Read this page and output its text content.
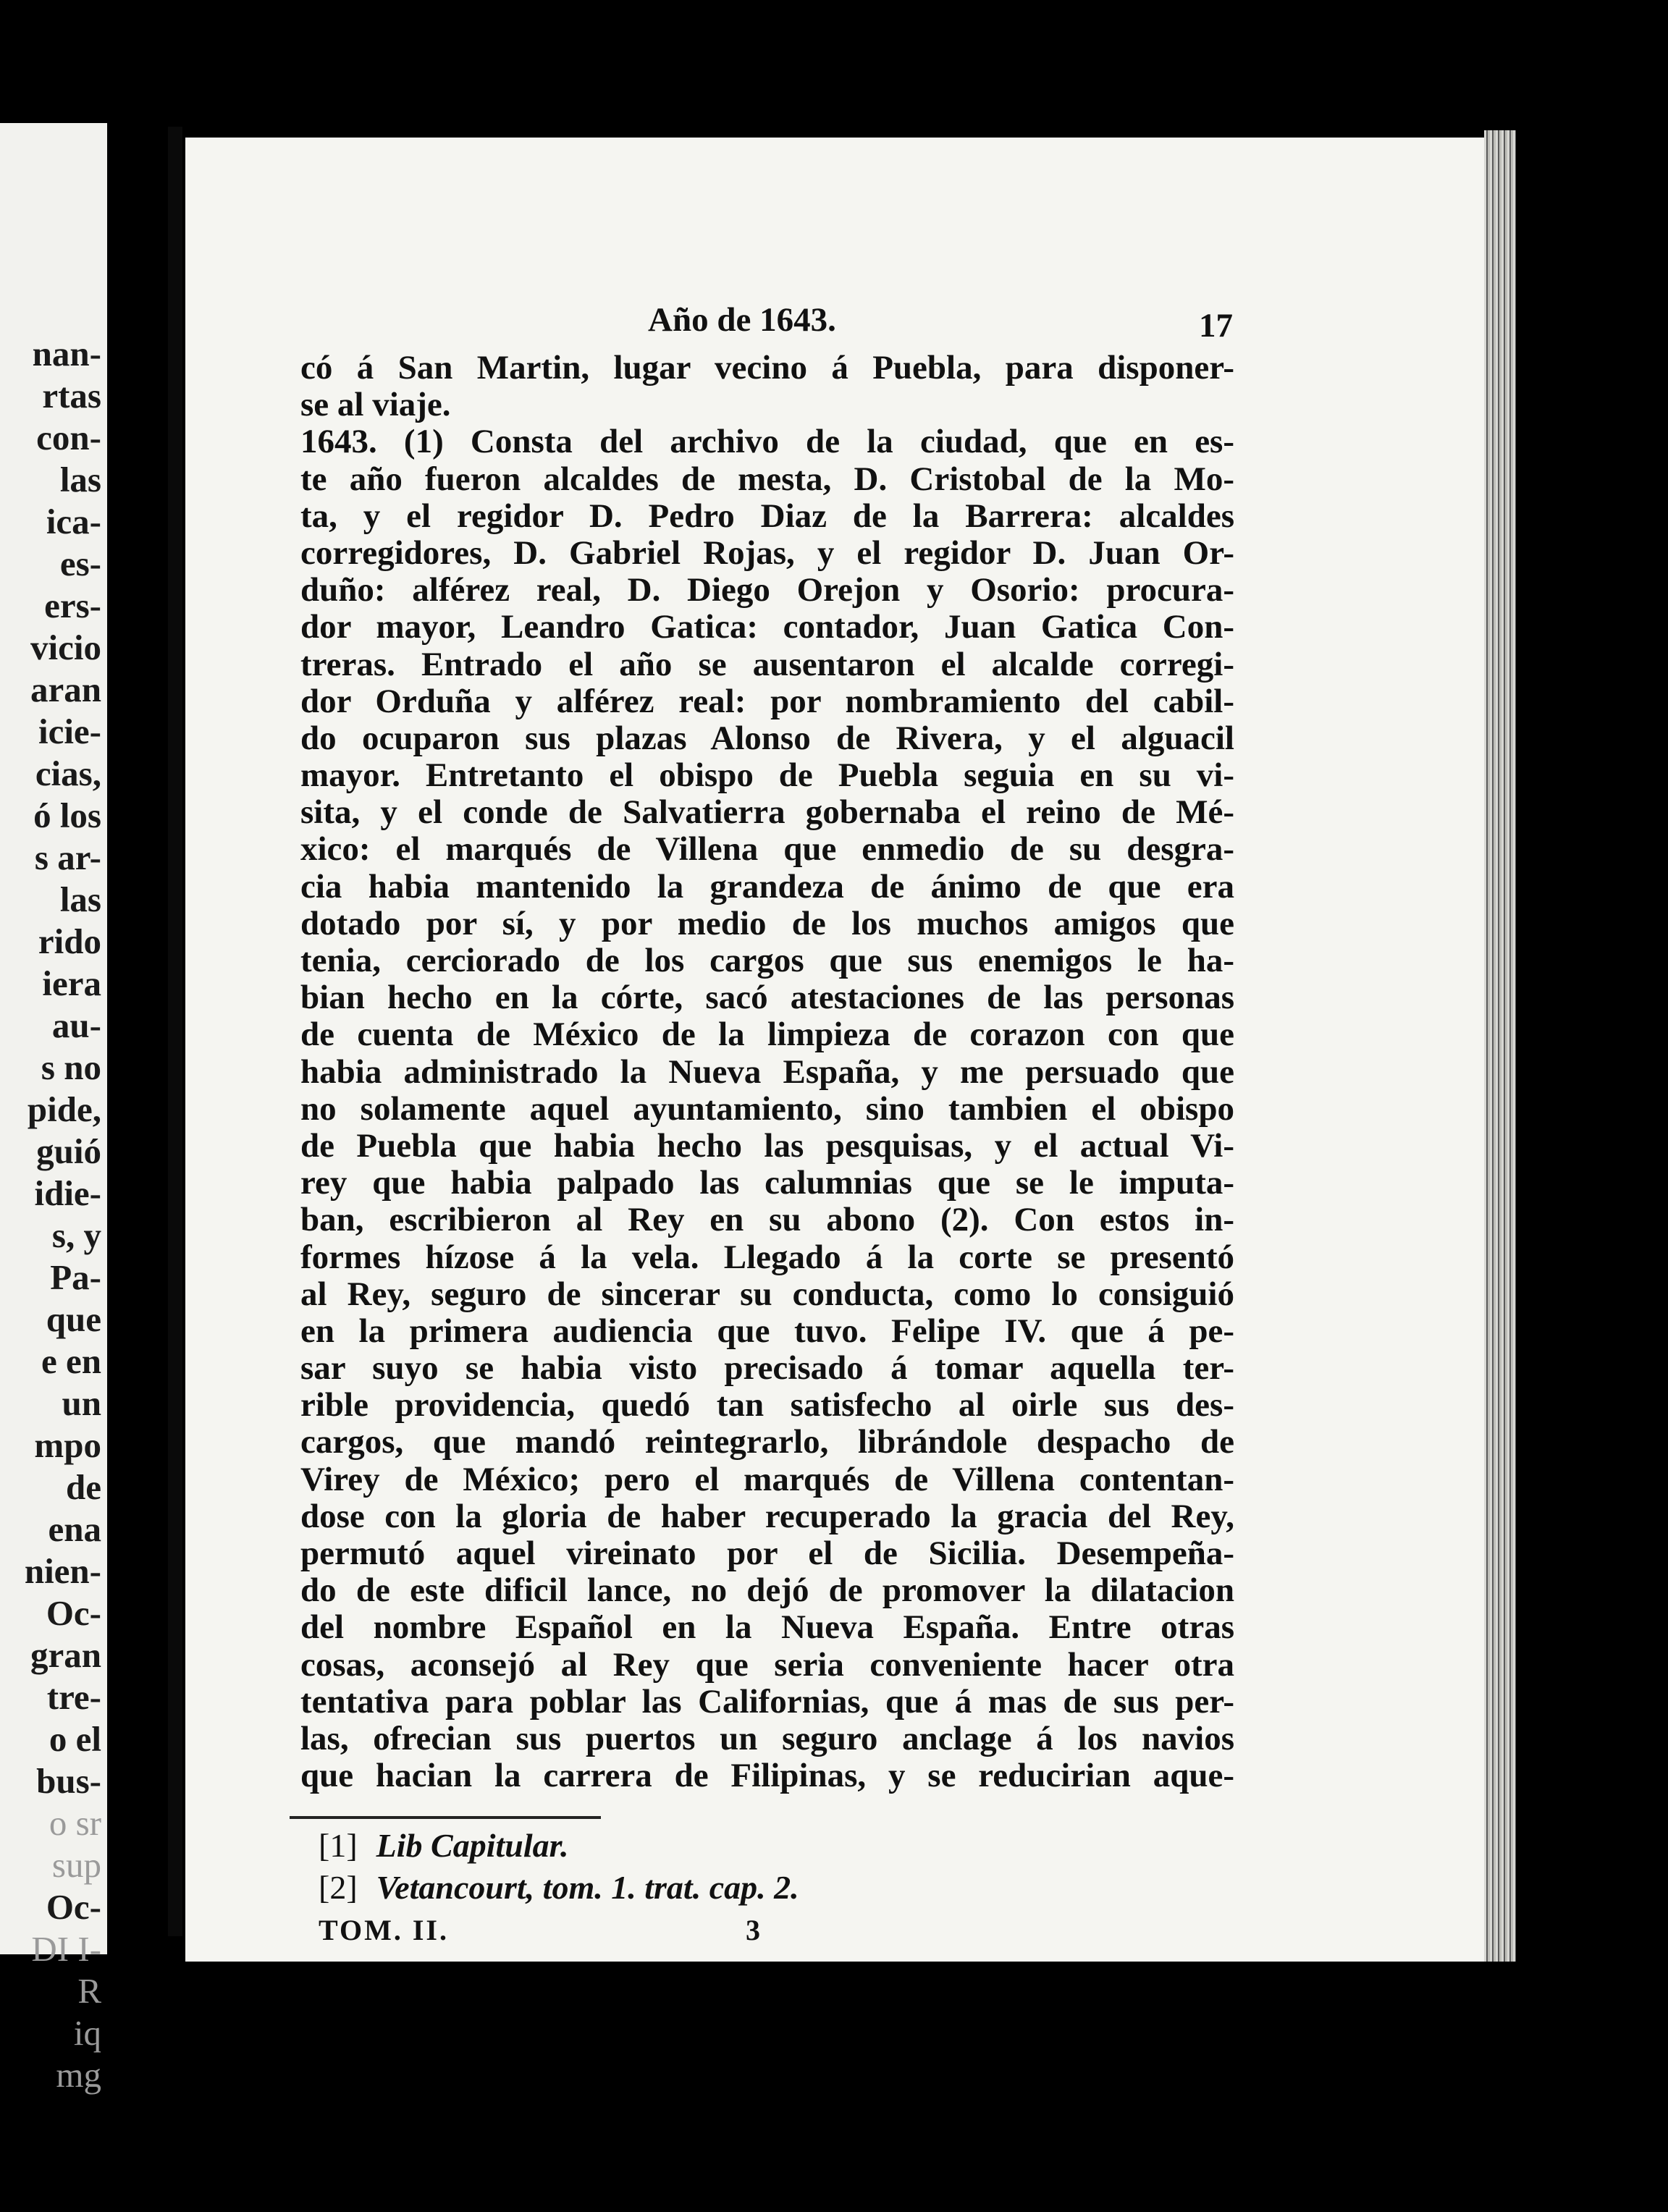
nan-
rtas
con-
las
ica-
es-
ers-
vicio
aran
icie-
cias,
ó los
s ar-
las
rido
iera
au-
s no
pide,
guió
idie-
s, y
Pa-
que
e en
un
mpo
de
ena
nien-
Oc-
gran
tre-
o el
bus-
o sr
sup
Oc-
DI I-
R
iq
mg
Año de 1643.	17
có á San Martin, lugar vecino á Puebla, para disponer-
se al viaje.
1643. (1) Consta del archivo de la ciudad, que en es-
te año fueron alcaldes de mesta, D. Cristobal de la Mo-
ta, y el regidor D. Pedro Diaz de la Barrera: alcaldes
corregidores, D. Gabriel Rojas, y el regidor D. Juan Or-
duño: alférez real, D. Diego Orejon y Osorio: procura-
dor mayor, Leandro Gatica: contador, Juan Gatica Con-
treras. Entrado el año se ausentaron el alcalde corregi-
dor Orduña y alférez real: por nombramiento del cabil-
do ocuparon sus plazas Alonso de Rivera, y el alguacil
mayor. Entretanto el obispo de Puebla seguia en su vi-
sita, y el conde de Salvatierra gobernaba el reino de Mé-
xico: el marqués de Villena que enmedio de su desgra-
cia habia mantenido la grandeza de ánimo de que era
dotado por sí, y por medio de los muchos amigos que
tenia, cerciorado de los cargos que sus enemigos le ha-
bian hecho en la córte, sacó atestaciones de las personas
de cuenta de México de la limpieza de corazon con que
habia administrado la Nueva España, y me persuado que
no solamente aquel ayuntamiento, sino tambien el obispo
de Puebla que habia hecho las pesquisas, y el actual Vi-
rey que habia palpado las calumnias que se le imputa-
ban, escribieron al Rey en su abono (2). Con estos in-
formes hízose á la vela. Llegado á la corte se presentó
al Rey, seguro de sincerar su conducta, como lo consiguió
en la primera audiencia que tuvo. Felipe IV. que á pe-
sar suyo se habia visto precisado á tomar aquella ter-
rible providencia, quedó tan satisfecho al oirle sus des-
cargos, que mandó reintegrarlo, librándole despacho de
Virey de México; pero el marqués de Villena contentan-
dose con la gloria de haber recuperado la gracia del Rey,
permutó aquel vireinato por el de Sicilia. Desempeña-
do de este dificil lance, no dejó de promover la dilatacion
del nombre Español en la Nueva España. Entre otras
cosas, aconsejó al Rey que seria conveniente hacer otra
tentativa para poblar las Californias, que á mas de sus per-
las, ofrecian sus puertos un seguro anclage á los navios
que hacian la carrera de Filipinas, y se reducirian aque-
[1] Lib Capitular.
[2] Vetancourt, tom. 1. trat. cap. 2.
TOM. II.	3
